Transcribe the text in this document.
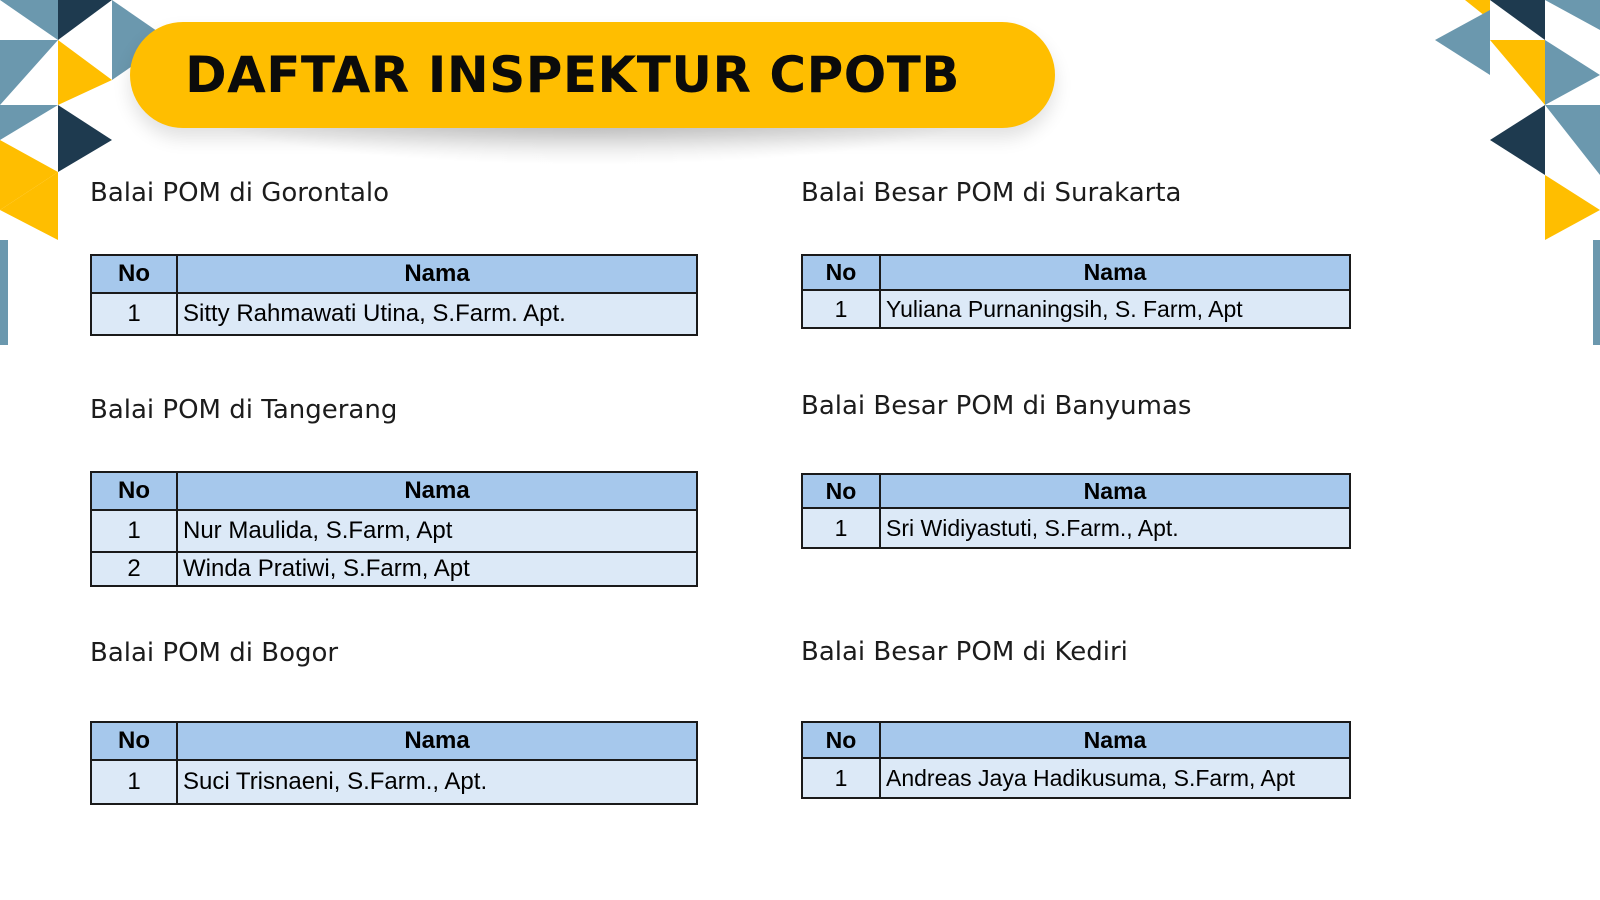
DAFTAR INSPEKTUR CPOTB
Balai POM di Gorontalo
No	Nama
1	Sitty Rahmawati Utina, S.Farm. Apt.
Balai POM di Tangerang
No	Nama
1	Nur Maulida, S.Farm, Apt
2	Winda Pratiwi, S.Farm, Apt
Balai POM di Bogor
No	Nama
1	Suci Trisnaeni, S.Farm., Apt.
Balai Besar POM di Surakarta
No	Nama
1	Yuliana Purnaningsih, S. Farm, Apt
Balai Besar POM di Banyumas
No	Nama
1	Sri Widiyastuti, S.Farm., Apt.
Balai Besar POM di Kediri
No	Nama
1	Andreas Jaya Hadikusuma, S.Farm, Apt
